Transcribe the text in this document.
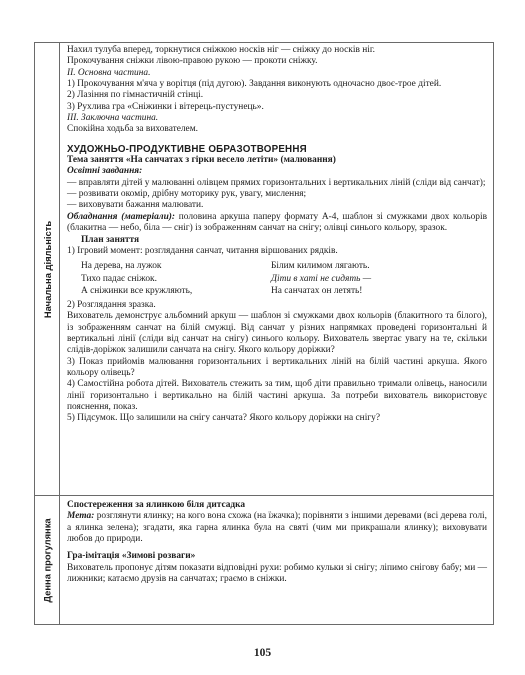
Начальна діяльність
Денна прогулянка

Нахил тулуба вперед, торкнутися сніжкою носків ніг — сніжку до носків ніг.

Прокочування сніжки лівою-правою рукою — прокоти сніжку.

II. Основна частина.

1) Прокочування м'яча у ворітця (під дугою). Завдання виконують одночасно двоє-трое дітей.

2) Лазіння по гімнастичній стінці.

3) Рухлива гра «Сніжинки і вітерець-пустунець».

III. Заключна частина.

Спокійна ходьба за вихователем.

ХУДОЖНЬО-ПРОДУКТИВНЕ ОБРАЗОТВОРЕННЯ

Тема заняття «На санчатах з гірки весело летіти» (малювання)

Освітні завдання:

— вправляти дітей у малюванні олівцем прямих горизонтальних і вертикальних ліній (сліди від санчат);

— розвивати окомір, дрібну моторику рук, увагу, мислення;

— виховувати бажання малювати.

Обладнання (матеріали): половина аркуша паперу формату А-4, шаблон зі смужками двох кольорів (блакитна — небо, біла — сніг) із зображенням санчат на снігу; олівці синього кольору, зразок.

План заняття

1) Ігровий момент: розглядання санчат, читання віршованих рядків.

На дерева, на лужок
Тихо падає сніжок.
А сніжинки все кружляють,
Білим килимом лягають.
Діти в хаті не сидять —
На санчатах он летять!

2) Розглядання зразка.

Вихователь демонструє альбомний аркуш — шаблон зі смужками двох кольорів (блакитного та білого), із зображенням санчат на білій смужці. Від санчат у різних напрямках проведені горизонтальні й вертикальні лінії (сліди від санчат на снігу) синього кольору. Вихователь звертає увагу на те, скільки слідів-доріжок залишили санчата на снігу. Якого кольору доріжки?

3) Показ прийомів малювання горизонтальних і вертикальних ліній на білій частині аркуша. Якого кольору олівець?

4) Самостійна робота дітей. Вихователь стежить за тим, щоб діти правильно тримали олівець, наносили лінії горизонтально і вертикально на білій частині аркуша. За потреби вихователь використовує пояснення, показ.

5) Підсумок. Що залишили на снігу санчата? Якого кольору доріжки на снігу?

Спостереження за ялинкою біля дитсадка

Мета: розглянути ялинку; на кого вона схожа (на їжачка); порівняти з іншими деревами (всі дерева голі, а ялинка зелена); згадати, яка гарна ялинка була на святі (чим ми прикрашали ялинку); виховувати любов до природи.

Гра-імітація «Зимові розваги»

Вихователь пропонує дітям показати відповідні рухи: робимо кульки зі снігу; ліпимо снігову бабу; ми — лижники; катаємо друзів на санчатах; граємо в сніжки.

105
